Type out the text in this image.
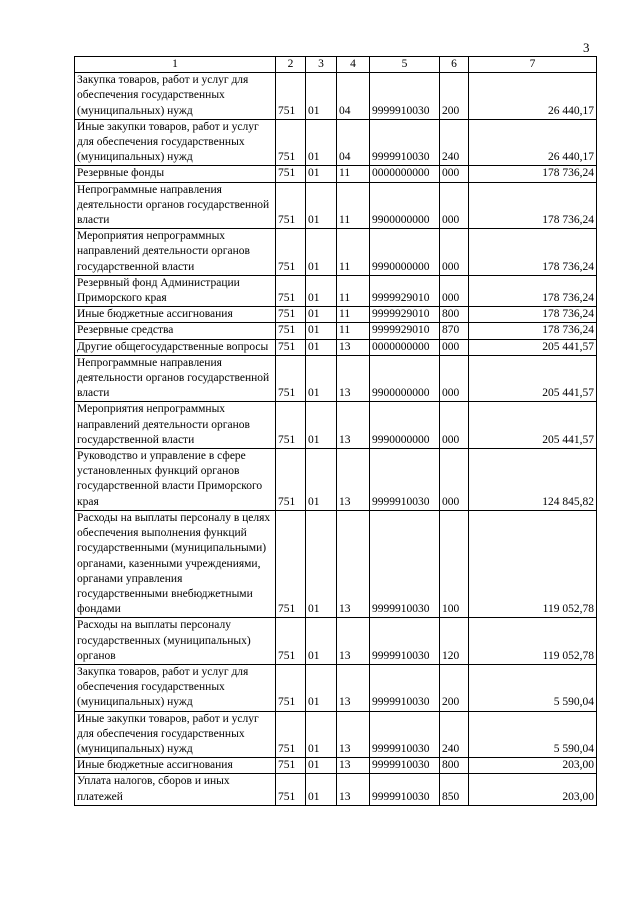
3
1	2	3	4	5	6	7
Закупка товаров, работ и услуг для обеспечения государственных (муниципальных) нужд	751	01	04	9999910030	200	26 440,17
Иные закупки товаров, работ и услуг для обеспечения государственных (муниципальных) нужд	751	01	04	9999910030	240	26 440,17
Резервные фонды	751	01	11	0000000000	000	178 736,24
Непрограммные направления деятельности органов государственной власти	751	01	11	9900000000	000	178 736,24
Мероприятия непрограммных направлений деятельности органов государственной власти	751	01	11	9990000000	000	178 736,24
Резервный фонд Администрации Приморского края	751	01	11	9999929010	000	178 736,24
Иные бюджетные ассигнования	751	01	11	9999929010	800	178 736,24
Резервные средства	751	01	11	9999929010	870	178 736,24
Другие общегосударственные вопросы	751	01	13	0000000000	000	205 441,57
Непрограммные направления деятельности органов государственной власти	751	01	13	9900000000	000	205 441,57
Мероприятия непрограммных направлений деятельности органов государственной власти	751	01	13	9990000000	000	205 441,57
Руководство и управление в сфере установленных функций органов государственной власти Приморского края	751	01	13	9999910030	000	124 845,82
Расходы на выплаты персоналу в целях обеспечения выполнения функций государственными (муниципальными) органами, казенными учреждениями, органами управления государственными внебюджетными фондами	751	01	13	9999910030	100	119 052,78
Расходы на выплаты персоналу государственных (муниципальных) органов	751	01	13	9999910030	120	119 052,78
Закупка товаров, работ и услуг для обеспечения государственных (муниципальных) нужд	751	01	13	9999910030	200	5 590,04
Иные закупки товаров, работ и услуг для обеспечения государственных (муниципальных) нужд	751	01	13	9999910030	240	5 590,04
Иные бюджетные ассигнования	751	01	13	9999910030	800	203,00
Уплата налогов, сборов и иных платежей	751	01	13	9999910030	850	203,00
